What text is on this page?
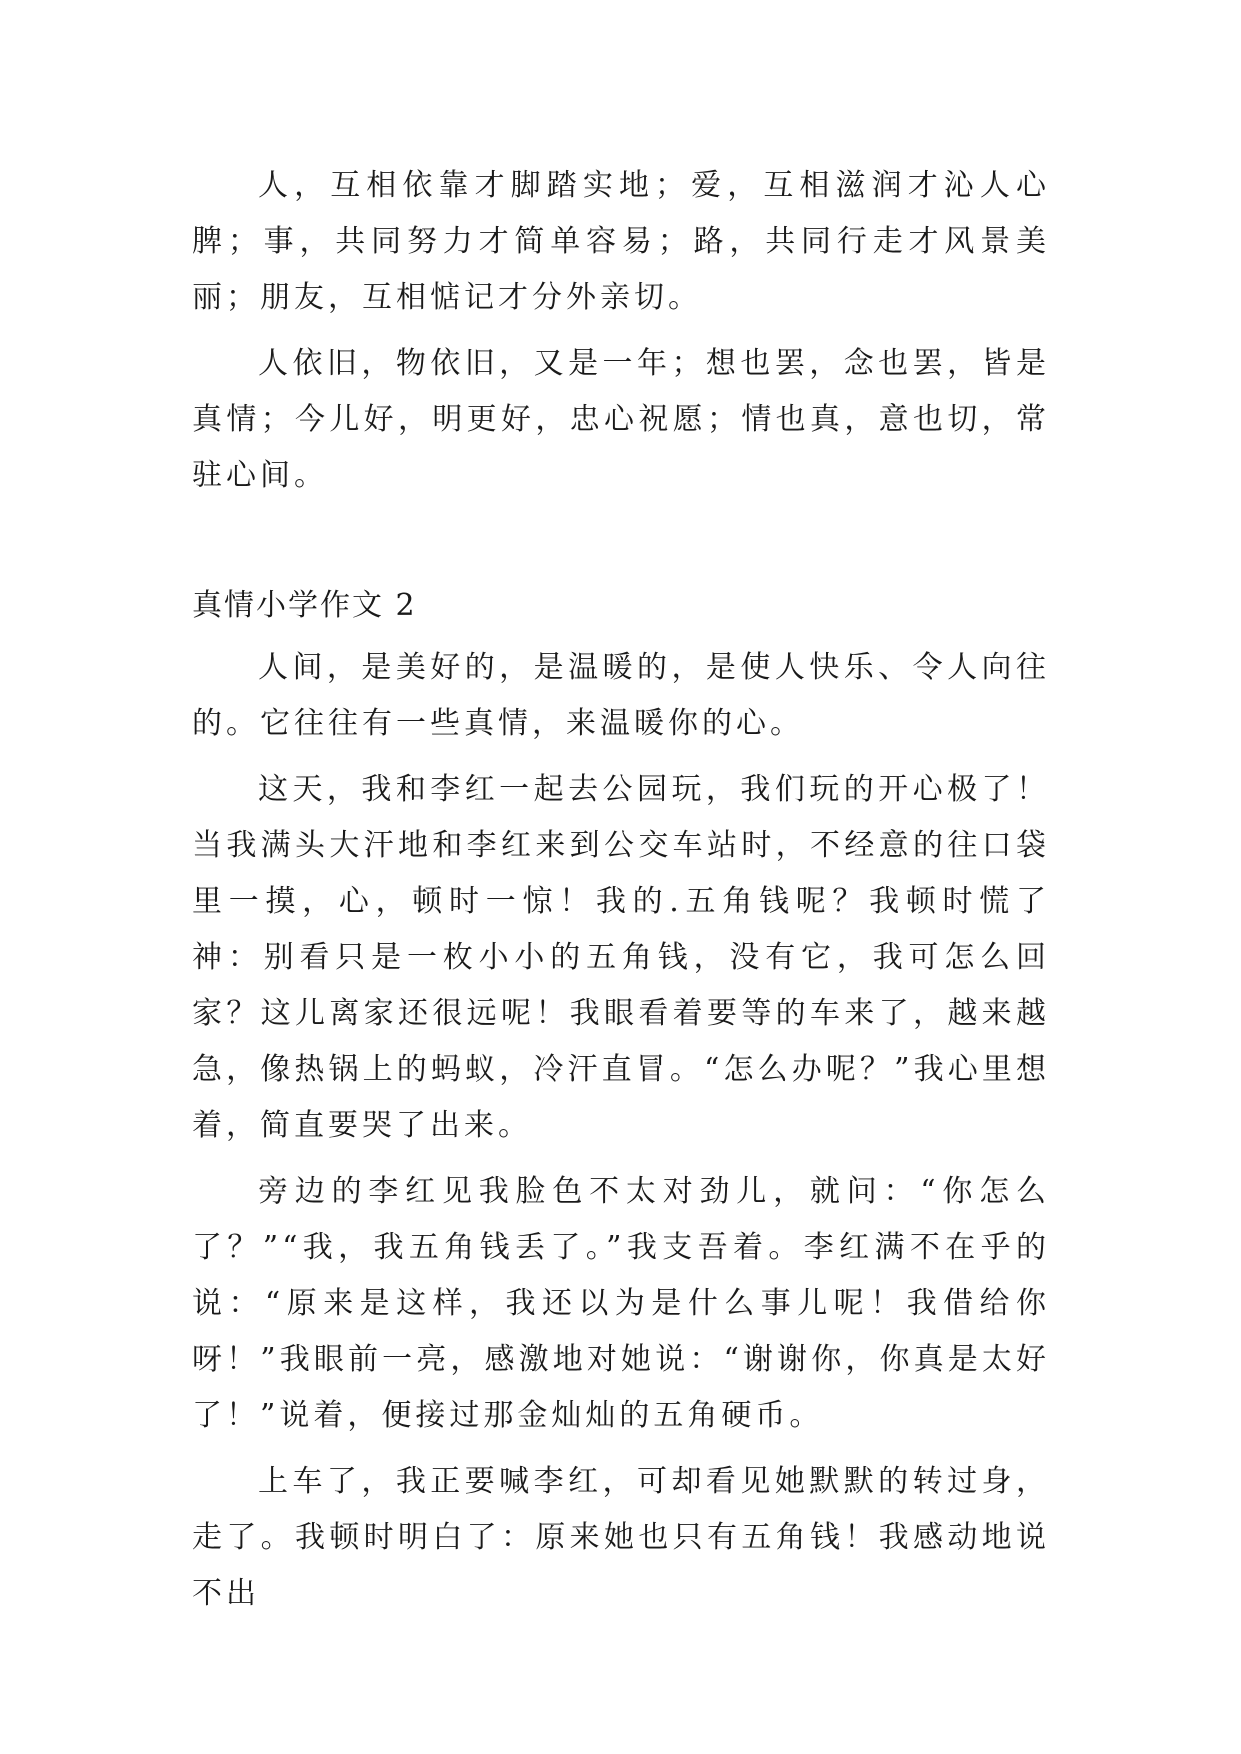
人，互相依靠才脚踏实地；爱，互相滋润才沁人心脾；事，共同努力才简单容易；路，共同行走才风景美丽；朋友，互相惦记才分外亲切。

人依旧，物依旧，又是一年；想也罢，念也罢，皆是真情；今儿好，明更好，忠心祝愿；情也真，意也切，常驻心间。

真情小学作文 2

人间，是美好的，是温暖的，是使人快乐、令人向往的。它往往有一些真情，来温暖你的心。

这天，我和李红一起去公园玩，我们玩的开心极了！当我满头大汗地和李红来到公交车站时，不经意的往口袋里一摸，心，顿时一惊！我的.五角钱呢？我顿时慌了神：别看只是一枚小小的五角钱，没有它，我可怎么回家？这儿离家还很远呢！我眼看着要等的车来了，越来越急，像热锅上的蚂蚁，冷汗直冒。“怎么办呢？”我心里想着，简直要哭了出来。

旁边的李红见我脸色不太对劲儿，就问：“你怎么了？”“我，我五角钱丢了。”我支吾着。李红满不在乎的说：“原来是这样，我还以为是什么事儿呢！我借给你呀！”我眼前一亮，感激地对她说：“谢谢你，你真是太好了！”说着，便接过那金灿灿的五角硬币。

上车了，我正要喊李红，可却看见她默默的转过身，走了。我顿时明白了：原来她也只有五角钱！我感动地说不出
